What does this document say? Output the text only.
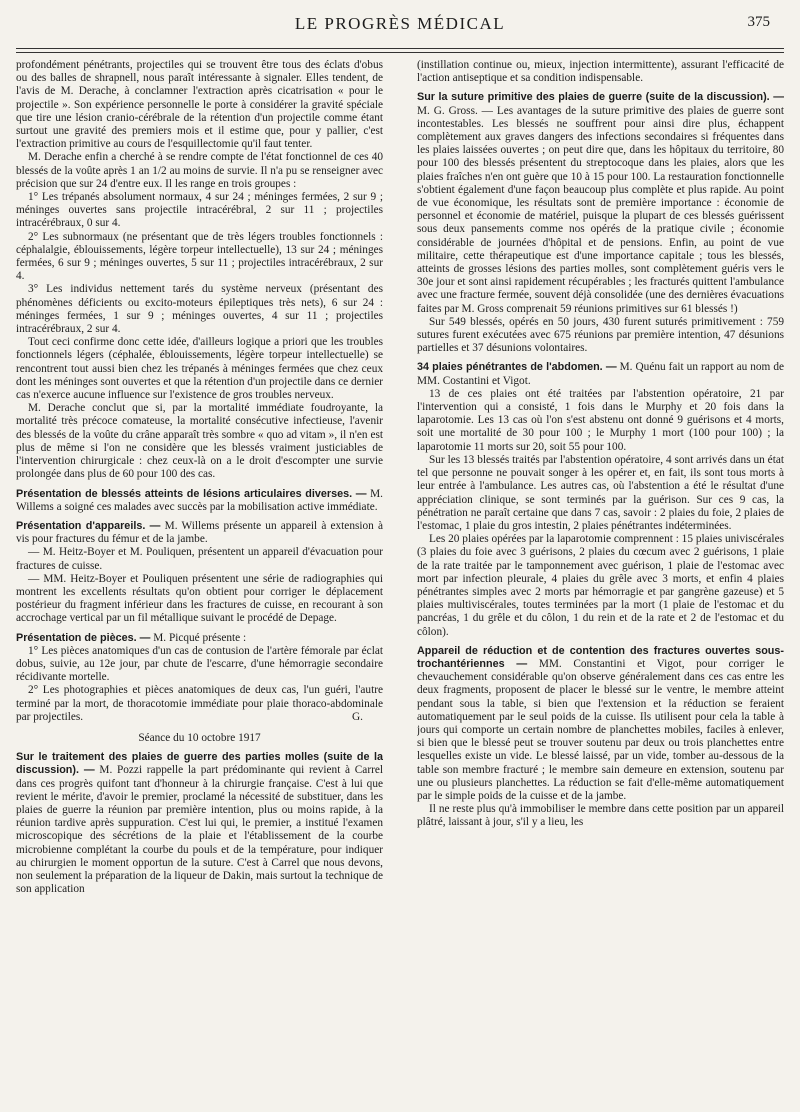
LE PROGRÈS MÉDICAL	375

profondément pénétrants, projectiles qui se trouvent être tous des éclats d'obus ou des balles de shrapnell, nous paraît intéressante à signaler. Elles tendent, de l'avis de M. Derache, à conclamner l'extraction après cicatrisation « pour le projectile ». Son expérience personnelle le porte à considérer la gravité spéciale que tire une lésion cranio-cérébrale de la rétention d'un projectile comme étant surtout une gravité des premiers mois et il estime que, pour y pallier, c'est l'extraction primitive au cours de l'esquillectomie qu'il faut tenter.

M. Derache enfin a cherché à se rendre compte de l'état fonctionnel de ces 40 blessés de la voûte après 1 an 1/2 au moins de survie. Il n'a pu se renseigner avec précision que sur 24 d'entre eux. Il les range en trois groupes :

1° Les trépanés absolument normaux, 4 sur 24 ; méninges fermées, 2 sur 9 ; méninges ouvertes sans projectile intracérébral, 2 sur 11 ; projectiles intracérébraux, 0 sur 4.

2° Les subnormaux (ne présentant que de très légers troubles fonctionnels : céphalalgie, éblouissements, légère torpeur intellectuelle), 13 sur 24 ; méninges fermées, 6 sur 9 ; méninges ouvertes, 5 sur 11 ; projectiles intracérébraux, 2 sur 4.

3° Les individus nettement tarés du système nerveux (présentant des phénomènes déficients ou excito-moteurs épileptiques très nets), 6 sur 24 : méninges fermées, 1 sur 9 ; méninges ouvertes, 4 sur 11 ; projectiles intracérébraux, 2 sur 4.

Tout ceci confirme donc cette idée, d'ailleurs logique a priori que les troubles fonctionnels légers (céphalée, éblouissements, légère torpeur intellectuelle) se rencontrent tout aussi bien chez les trépanés à méninges fermées que chez ceux dont les méninges sont ouvertes et que la rétention d'un projectile dans ce dernier cas n'exerce aucune influence sur l'existence de gros troubles nerveux.

M. Derache conclut que si, par la mortalité immédiate foudroyante, la mortalité très précoce comateuse, la mortalité consécutive infectieuse, l'avenir des blessés de la voûte du crâne apparaît très sombre « quo ad vitam », il n'en est plus de même si l'on ne considère que les blessés vraiment justiciables de l'intervention chirurgicale : chez ceux-là on a le droit d'escompter une survie prolongée dans plus de 60 pour 100 des cas.

Présentation de blessés atteints de lésions articulaires diverses. — M. Willems a soigné ces malades avec succès par la mobilisation active immédiate.

Présentation d'appareils. — M. Willems présente un appareil à extension à vis pour fractures du fémur et de la jambe.

— M. Heitz-Boyer et M. Pouliquen, présentent un appareil d'évacuation pour fractures de cuisse.

— MM. Heitz-Boyer et Pouliquen présentent une série de radiographies qui montrent les excellents résultats qu'on obtient pour corriger le déplacement postérieur du fragment inférieur dans les fractures de cuisse, en recourant à son accrochage vertical par un fil métallique suivant le procédé de Depage.

Présentation de pièces. — M. Picqué présente :

1° Les pièces anatomiques d'un cas de contusion de l'artère fémorale par éclat dobus, suivie, au 12e jour, par chute de l'escarre, d'une hémorragie secondaire récidivante mortelle.

2° Les photographies et pièces anatomiques de deux cas, l'un guéri, l'autre terminé par la mort, de thoracotomie immédiate pour plaie thoraco-abdominale par projectiles.	G.

Séance du 10 octobre 1917

Sur le traitement des plaies de guerre des parties molles (suite de la discussion). — M. Pozzi rappelle la part prédominante qui revient à Carrel dans ces progrès quifont tant d'honneur à la chirurgie française. C'est à lui que revient le mérite, d'avoir le premier, proclamé la nécessité de substituer, dans les plaies de guerre la réunion par première intention, plus ou moins rapide, à la réunion tardive après suppuration. C'est lui qui, le premier, a institué l'examen microscopique des sécrétions de la plaie et l'établissement de la courbe microbienne complétant la courbe du pouls et de la température, pour indiquer au chirurgien le moment opportun de la suture. C'est à Carrel que nous devons, non seulement la préparation de la liqueur de Dakin, mais surtout la technique de son application

(instillation continue ou, mieux, injection intermittente), assurant l'efficacité de l'action antiseptique et sa condition indispensable.

Sur la suture primitive des plaies de guerre (suite de la discussion). — M. G. Gross. — Les avantages de la suture primitive des plaies de guerre sont incontestables. Les blessés ne souffrent pour ainsi dire plus, échappent complètement aux graves dangers des infections secondaires si fréquentes dans les plaies laissées ouvertes ; on peut dire que, dans les hôpitaux du territoire, 80 pour 100 des blessés présentent du streptocoque dans les plaies, alors que les plaies fraîches n'en ont guère que 10 à 15 pour 100. La restauration fonctionnelle s'obtient également d'une façon beaucoup plus complète et plus rapide. Au point de vue économique, les résultats sont de première importance : économie de personnel et économie de matériel, puisque la plupart de ces blessés guérissent sous deux pansements comme nos opérés de la pratique civile ; économie considérable de journées d'hôpital et de pensions. Enfin, au point de vue militaire, cette thérapeutique est d'une importance capitale ; tous les blessés, atteints de grosses lésions des parties molles, sont complètement guéris vers le 30e jour et sont ainsi rapidement récupérables ; les fracturés quittent l'ambulance avec une fracture fermée, souvent déjà consolidée (une des dernières évacuations faites par M. Gross comprenait 59 réunions primitives sur 61 blessés !)

Sur 549 blessés, opérés en 50 jours, 430 furent suturés primitivement : 759 sutures furent exécutées avec 675 réunions par première intention, 47 désunions partielles et 37 désunions volontaires.

34 plaies pénétrantes de l'abdomen. — M. Quénu fait un rapport au nom de MM. Costantini et Vigot.

13 de ces plaies ont été traitées par l'abstention opératoire, 21 par l'intervention qui a consisté, 1 fois dans le Murphy et 20 fois dans la laparotomie. Les 13 cas où l'on s'est abstenu ont donné 9 guérisons et 4 morts, soit une mortalité de 30 pour 100 ; le Murphy 1 mort (100 pour 100) ; la laparotomie 11 morts sur 20, soit 55 pour 100.

Sur les 13 blessés traités par l'abstention opératoire, 4 sont arrivés dans un état tel que personne ne pouvait songer à les opérer et, en fait, ils sont tous morts à leur entrée à l'ambulance. Les autres cas, où l'abstention a été le résultat d'une appréciation clinique, se sont terminés par la guérison. Sur ces 9 cas, la pénétration ne paraît certaine que dans 7 cas, savoir : 2 plaies du foie, 2 plaies de l'estomac, 1 plaie du gros intestin, 2 plaies pénétrantes indéterminées.

Les 20 plaies opérées par la laparotomie comprennent : 15 plaies univiscérales (3 plaies du foie avec 3 guérisons, 2 plaies du cœcum avec 2 guérisons, 1 plaie de la rate traitée par le tamponnement avec guérison, 1 plaie de l'estomac avec mort par infection pleurale, 4 plaies du grêle avec 3 morts, et enfin 4 plaies pénétrantes simples avec 2 morts par hémorragie et par gangrène gazeuse) et 5 plaies multiviscérales, toutes terminées par la mort (1 plaie de l'estomac et du pancréas, 1 du grêle et du côlon, 1 du rein et de la rate et 2 de l'estomac et du côlon).

Appareil de réduction et de contention des fractures ouvertes sous-trochantériennes — MM. Constantini et Vigot, pour corriger le chevauchement considérable qu'on observe généralement dans ces cas entre les deux fragments, proposent de placer le blessé sur le ventre, le membre atteint pendant sous la table, si bien que l'extension et la réduction se feraient automatiquement par le seul poids de la cuisse. Ils utilisent pour cela la table à jours qui comporte un certain nombre de planchettes mobiles, faciles à enlever, si bien que le blessé peut se trouver soutenu par deux ou trois planchettes entre lesquelles existe un vide. Le blessé laissé, par un vide, tomber au-dessous de la table son membre fracturé ; le membre sain demeure en extension, soutenu par une ou plusieurs planchettes. La réduction se fait d'elle-même automatiquement par le simple poids de la cuisse et de la jambe.

Il ne reste plus qu'à immobiliser le membre dans cette position par un appareil plâtré, laissant à jour, s'il y a lieu, les
